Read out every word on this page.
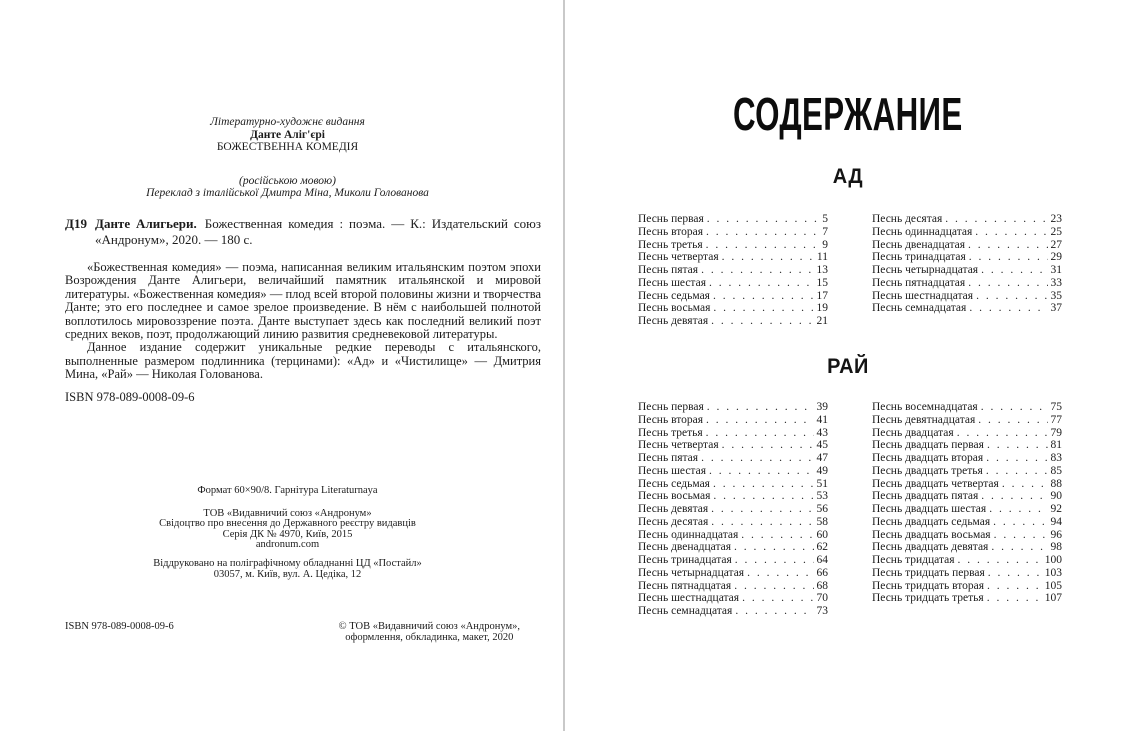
Літературно-художнє видання
Данте Аліг'єрі
БОЖЕСТВЕННА КОМЕДІЯ
(російською мовою)
Переклад з італійської Дмитра Міна, Миколи Голованова
Д19 Данте Алигьери. Божественная комедия : поэма. — К.: Издательский союз «Андронум», 2020. — 180 с.

«Божественная комедия» — поэма, написанная великим итальянским поэтом эпохи Возрождения Данте Алигьери, величайший памятник итальянской и мировой литературы. «Божественная комедия» — плод всей второй половины жизни и творчества Данте; это его последнее и самое зрелое произведение. В нём с наибольшей полнотой воплотилось мировоззрение поэта. Данте выступает здесь как последний великий поэт средних веков, поэт, продолжающий линию развития средневековой литературы.

Данное издание содержит уникальные редкие переводы с итальянского, выполненные размером подлинника (терцинами): «Ад» и «Чистилище» — Дмитрия Мина, «Рай» — Николая Голованова.

ISBN 978-089-0008-09-6
Формат 60×90/8. Гарнітура Literaturnaya
ТОВ «Видавничий союз «Андронум»
Свідоцтво про внесення до Державного реєстру видавців
Серія ДК № 4970, Київ, 2015
andronum.com
Віддруковано на поліграфічному обладнанні ЦД «Постайл»
03057, м. Київ, вул. А. Цедіка, 12
ISBN 978-089-0008-09-6	© ТОВ «Видавничий союз «Андронум»,
оформлення, обкладинка, макет, 2020
СОДЕРЖАНИЕ
АД
Песнь первая . . .	5
Песнь вторая . . .	7
Песнь третья . . .	9
Песнь четвертая . . .	11
Песнь пятая . . .	13
Песнь шестая . . .	15
Песнь седьмая . . .	17
Песнь восьмая . . .	19
Песнь девятая . . .	21
Песнь десятая . . .	23
Песнь одиннадцатая . . .	25
Песнь двенадцатая . . .	27
Песнь тринадцатая . . .	29
Песнь четырнадцатая . . .	31
Песнь пятнадцатая . . .	33
Песнь шестнадцатая . . .	35
Песнь семнадцатая . . .	37
РАЙ
Песнь первая . . .	39
Песнь вторая . . .	41
Песнь третья . . .	43
Песнь четвертая . . .	45
Песнь пятая . . .	47
Песнь шестая . . .	49
Песнь седьмая . . .	51
Песнь восьмая . . .	53
Песнь девятая . . .	56
Песнь десятая . . .	58
Песнь одиннадцатая . . .	60
Песнь двенадцатая . . .	62
Песнь тринадцатая . . .	64
Песнь четырнадцатая . . .	66
Песнь пятнадцатая . . .	68
Песнь шестнадцатая . . .	70
Песнь семнадцатая . . .	73
Песнь восемнадцатая . . .	75
Песнь девятнадцатая . . .	77
Песнь двадцатая . . .	79
Песнь двадцать первая . . .	81
Песнь двадцать вторая . . .	83
Песнь двадцать третья . . .	85
Песнь двадцать четвертая . . .	88
Песнь двадцать пятая . . .	90
Песнь двадцать шестая . . .	92
Песнь двадцать седьмая . . .	94
Песнь двадцать восьмая . . .	96
Песнь двадцать девятая . . .	98
Песнь тридцатая . . .	100
Песнь тридцать первая . . .	103
Песнь тридцать вторая . . .	105
Песнь тридцать третья . . .	107
